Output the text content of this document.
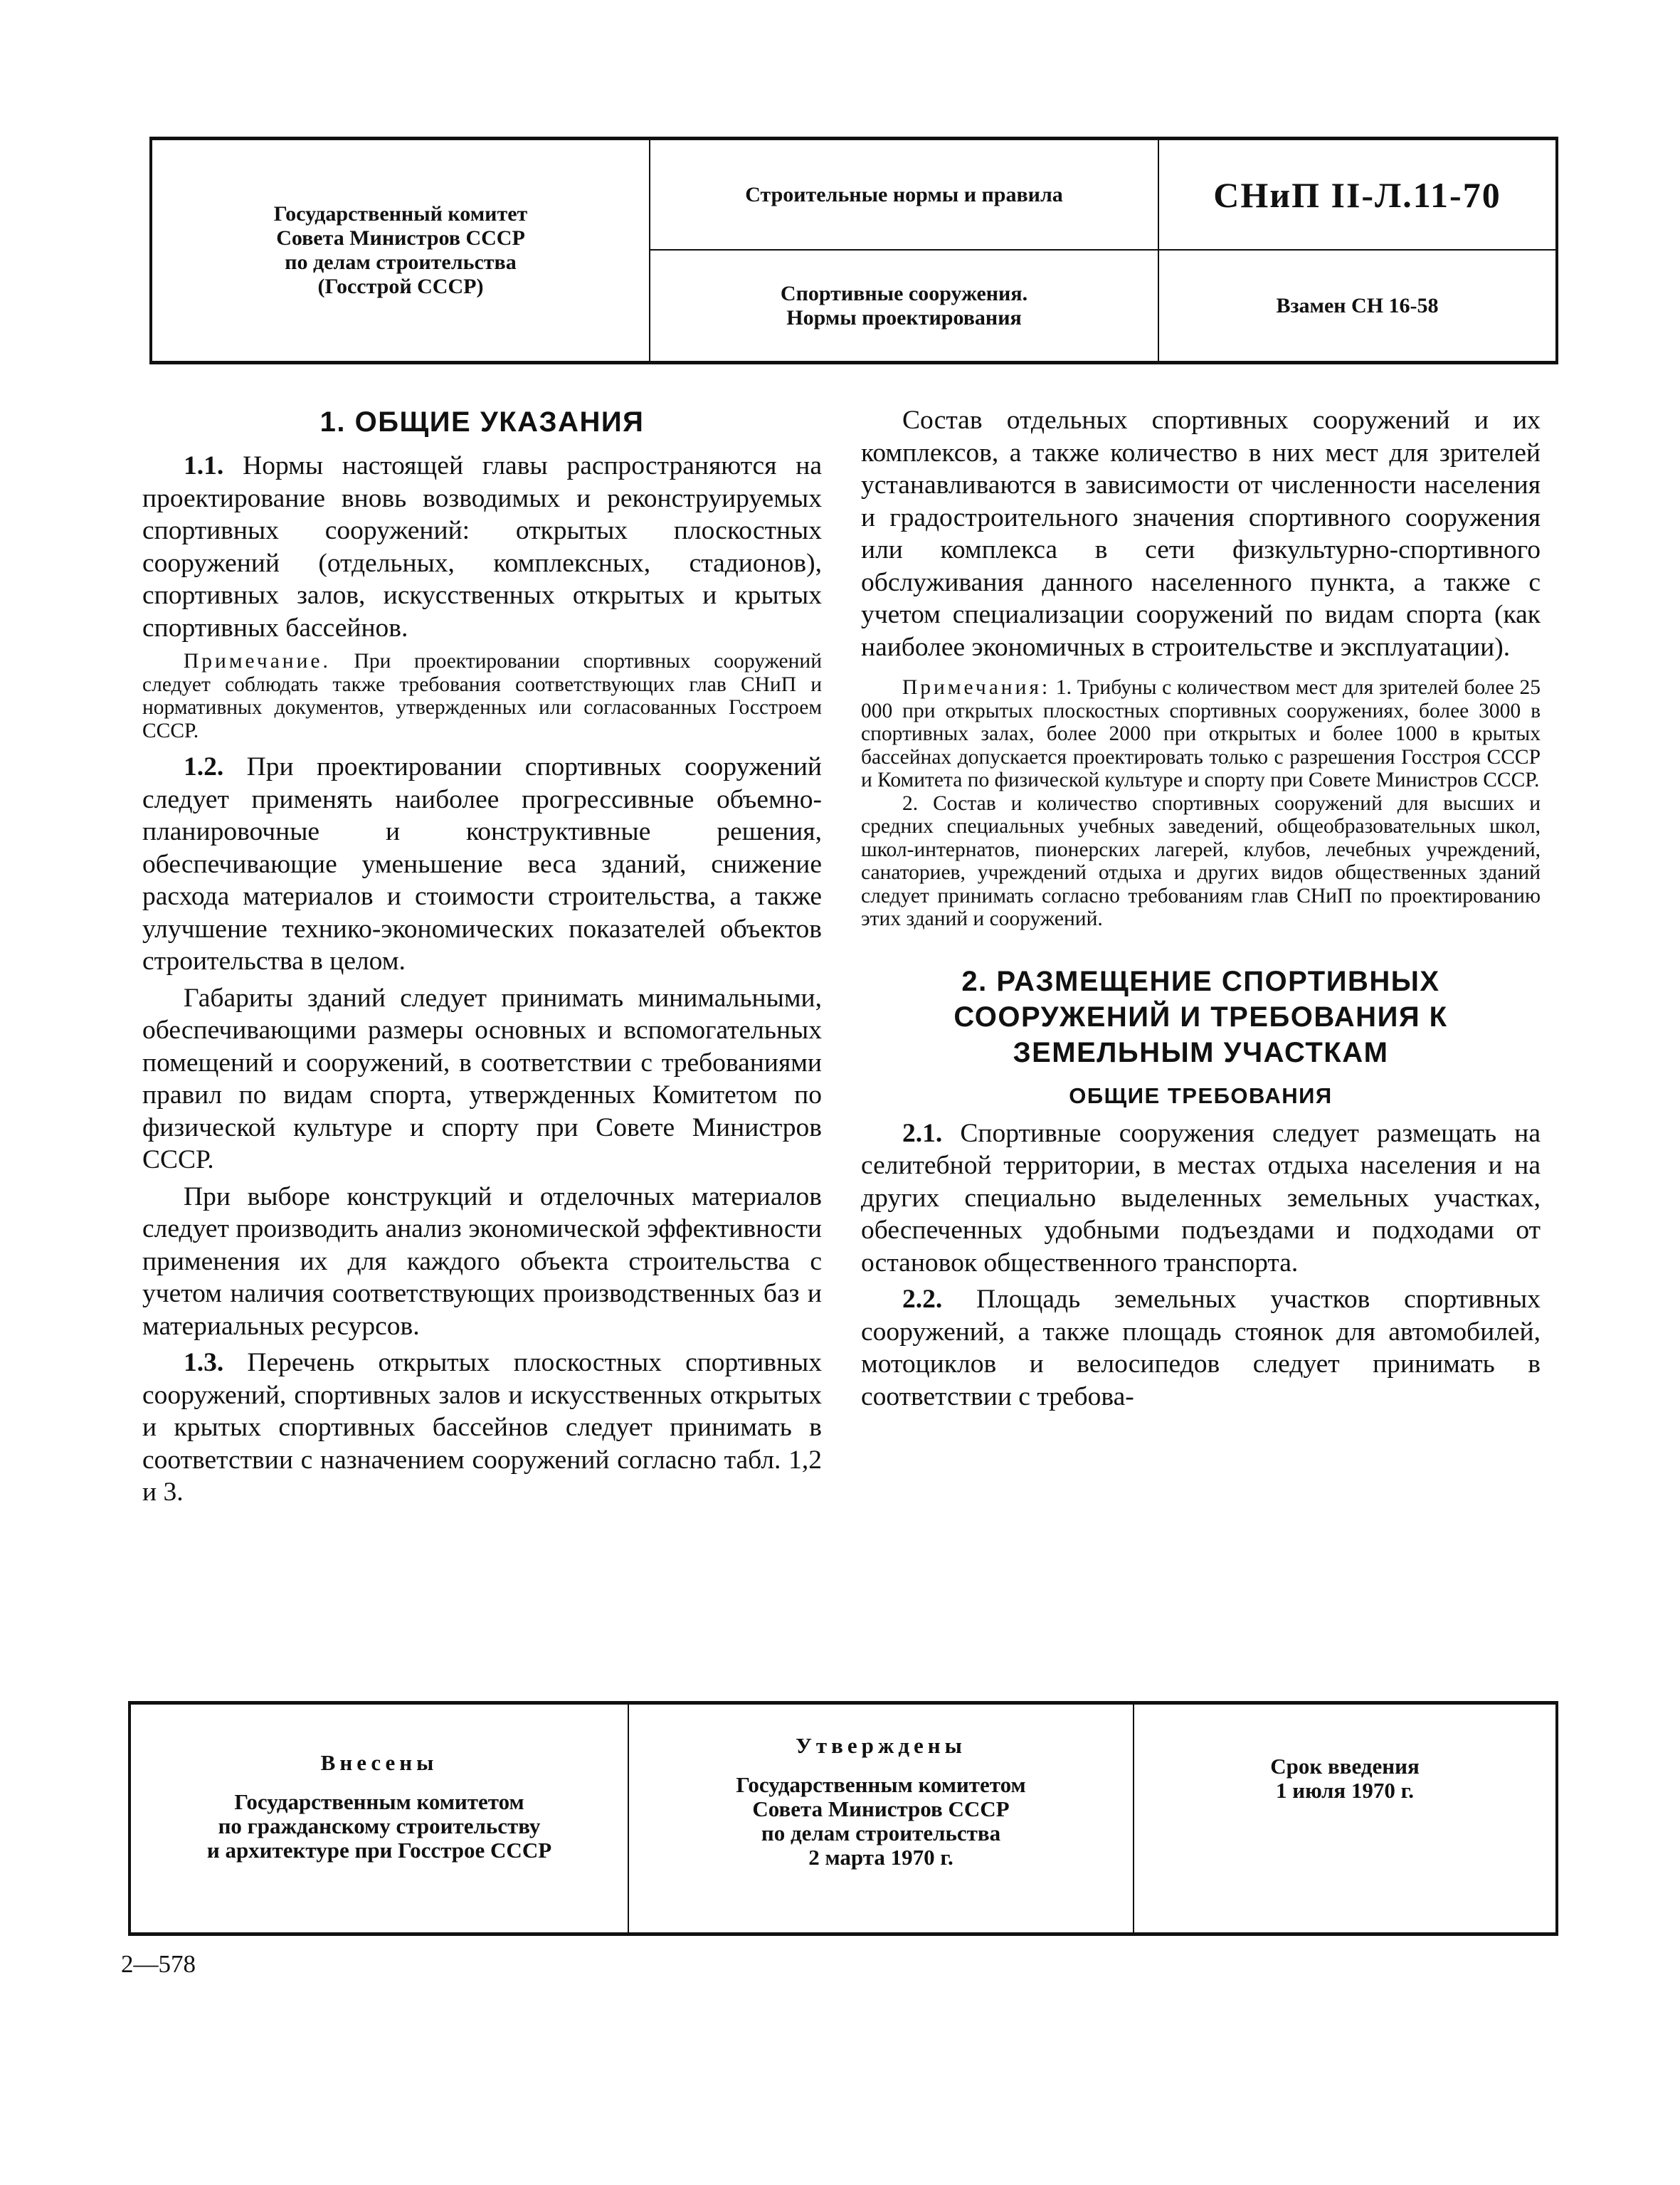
Государственный комитет
Совета Министров СССР
по делам строительства
(Госстрой СССР)
Строительные нормы и правила
Спортивные сооружения.
Нормы проектирования
СНиП II-Л.11-70
Взамен СН 16-58
1. ОБЩИЕ УКАЗАНИЯ

1.1. Нормы настоящей главы распространяются на проектирование вновь возводимых и реконструируемых спортивных сооружений: открытых плоскостных сооружений (отдельных, комплексных, стадионов), спортивных залов, искусственных открытых и крытых спортивных бассейнов.

Примечание. При проектировании спортивных сооружений следует соблюдать также требования соответствующих глав СНиП и нормативных документов, утвержденных или согласованных Госстроем СССР.

1.2. При проектировании спортивных сооружений следует применять наиболее прогрессивные объемно-планировочные и конструктивные решения, обеспечивающие уменьшение веса зданий, снижение расхода материалов и стоимости строительства, а также улучшение технико-экономических показателей объектов строительства в целом.

Габариты зданий следует принимать минимальными, обеспечивающими размеры основных и вспомогательных помещений и сооружений, в соответствии с требованиями правил по видам спорта, утвержденных Комитетом по физической культуре и спорту при Совете Министров СССР.

При выборе конструкций и отделочных материалов следует производить анализ экономической эффективности применения их для каждого объекта строительства с учетом наличия соответствующих производственных баз и материальных ресурсов.

1.3. Перечень открытых плоскостных спортивных сооружений, спортивных залов и искусственных открытых и крытых спортивных бассейнов следует принимать в соответствии с назначением сооружений согласно табл. 1,2 и 3.

Состав отдельных спортивных сооружений и их комплексов, а также количество в них мест для зрителей устанавливаются в зависимости от численности населения и градостроительного значения спортивного сооружения или комплекса в сети физкультурно-спортивного обслуживания данного населенного пункта, а также с учетом специализации сооружений по видам спорта (как наиболее экономичных в строительстве и эксплуатации).

Примечания: 1. Трибуны с количеством мест для зрителей более 25 000 при открытых плоскостных спортивных сооружениях, более 3000 в спортивных залах, более 2000 при открытых и более 1000 в крытых бассейнах допускается проектировать только с разрешения Госстроя СССР и Комитета по физической культуре и спорту при Совете Министров СССР.

2. Состав и количество спортивных сооружений для высших и средних специальных учебных заведений, общеобразовательных школ, школ-интернатов, пионерских лагерей, клубов, лечебных учреждений, санаториев, учреждений отдыха и других видов общественных зданий следует принимать согласно требованиям глав СНиП по проектированию этих зданий и сооружений.

2. РАЗМЕЩЕНИЕ СПОРТИВНЫХ СООРУЖЕНИЙ И ТРЕБОВАНИЯ К ЗЕМЕЛЬНЫМ УЧАСТКАМ
ОБЩИЕ ТРЕБОВАНИЯ

2.1. Спортивные сооружения следует размещать на селитебной территории, в местах отдыха населения и на других специально выделенных земельных участках, обеспеченных удобными подъездами и подходами от остановок общественного транспорта.

2.2. Площадь земельных участков спортивных сооружений, а также площадь стоянок для автомобилей, мотоциклов и велосипедов следует принимать в соответствии с требова-

Внесены
Государственным комитетом
по гражданскому строительству
и архитектуре при Госстрое СССР
Утверждены
Государственным комитетом
Совета Министров СССР
по делам строительства
2 марта 1970 г.
Срок введения
1 июля 1970 г.
2—578
